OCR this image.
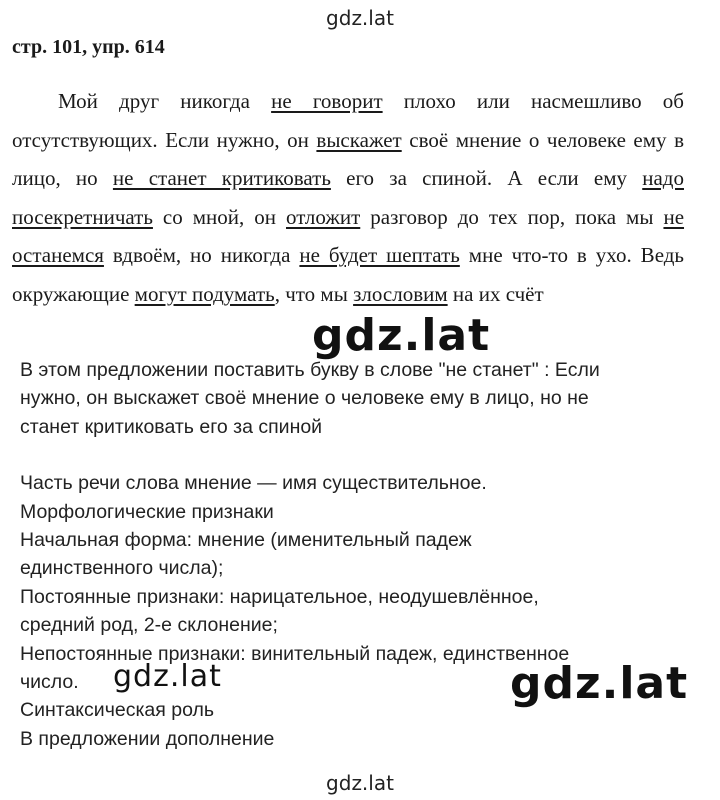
gdz.lat
стр. 101, упр. 614
Мой друг никогда не говорит плохо или насмешливо об отсутствующих. Если нужно, он выскажет своё мнение о человеке ему в лицо, но не станет критиковать его за спиной. А если ему надо посекретничать со мной, он отложит разговор до тех пор, пока мы не останемся вдвоём, но никогда не будет шептать мне что-то в ухо. Ведь окружающие могут подумать, что мы злословим на их счёт
gdz.lat

В этом предложении поставить букву в слове "не станет" : Если

нужно, он выскажет своё мнение о человеке ему в лицо, но не

станет критиковать его за спиной

Часть речи слова мнение — имя существительное.

Морфологические признаки

Начальная форма: мнение (именительный падеж

единственного числа);

Постоянные признаки: нарицательное, неодушевлённое,

средний род, 2-е склонение;

Непостоянные признаки: винительный падеж, единственное

число.

Синтаксическая роль

В предложении дополнение

gdz.lat	gdz.lat
gdz.lat
